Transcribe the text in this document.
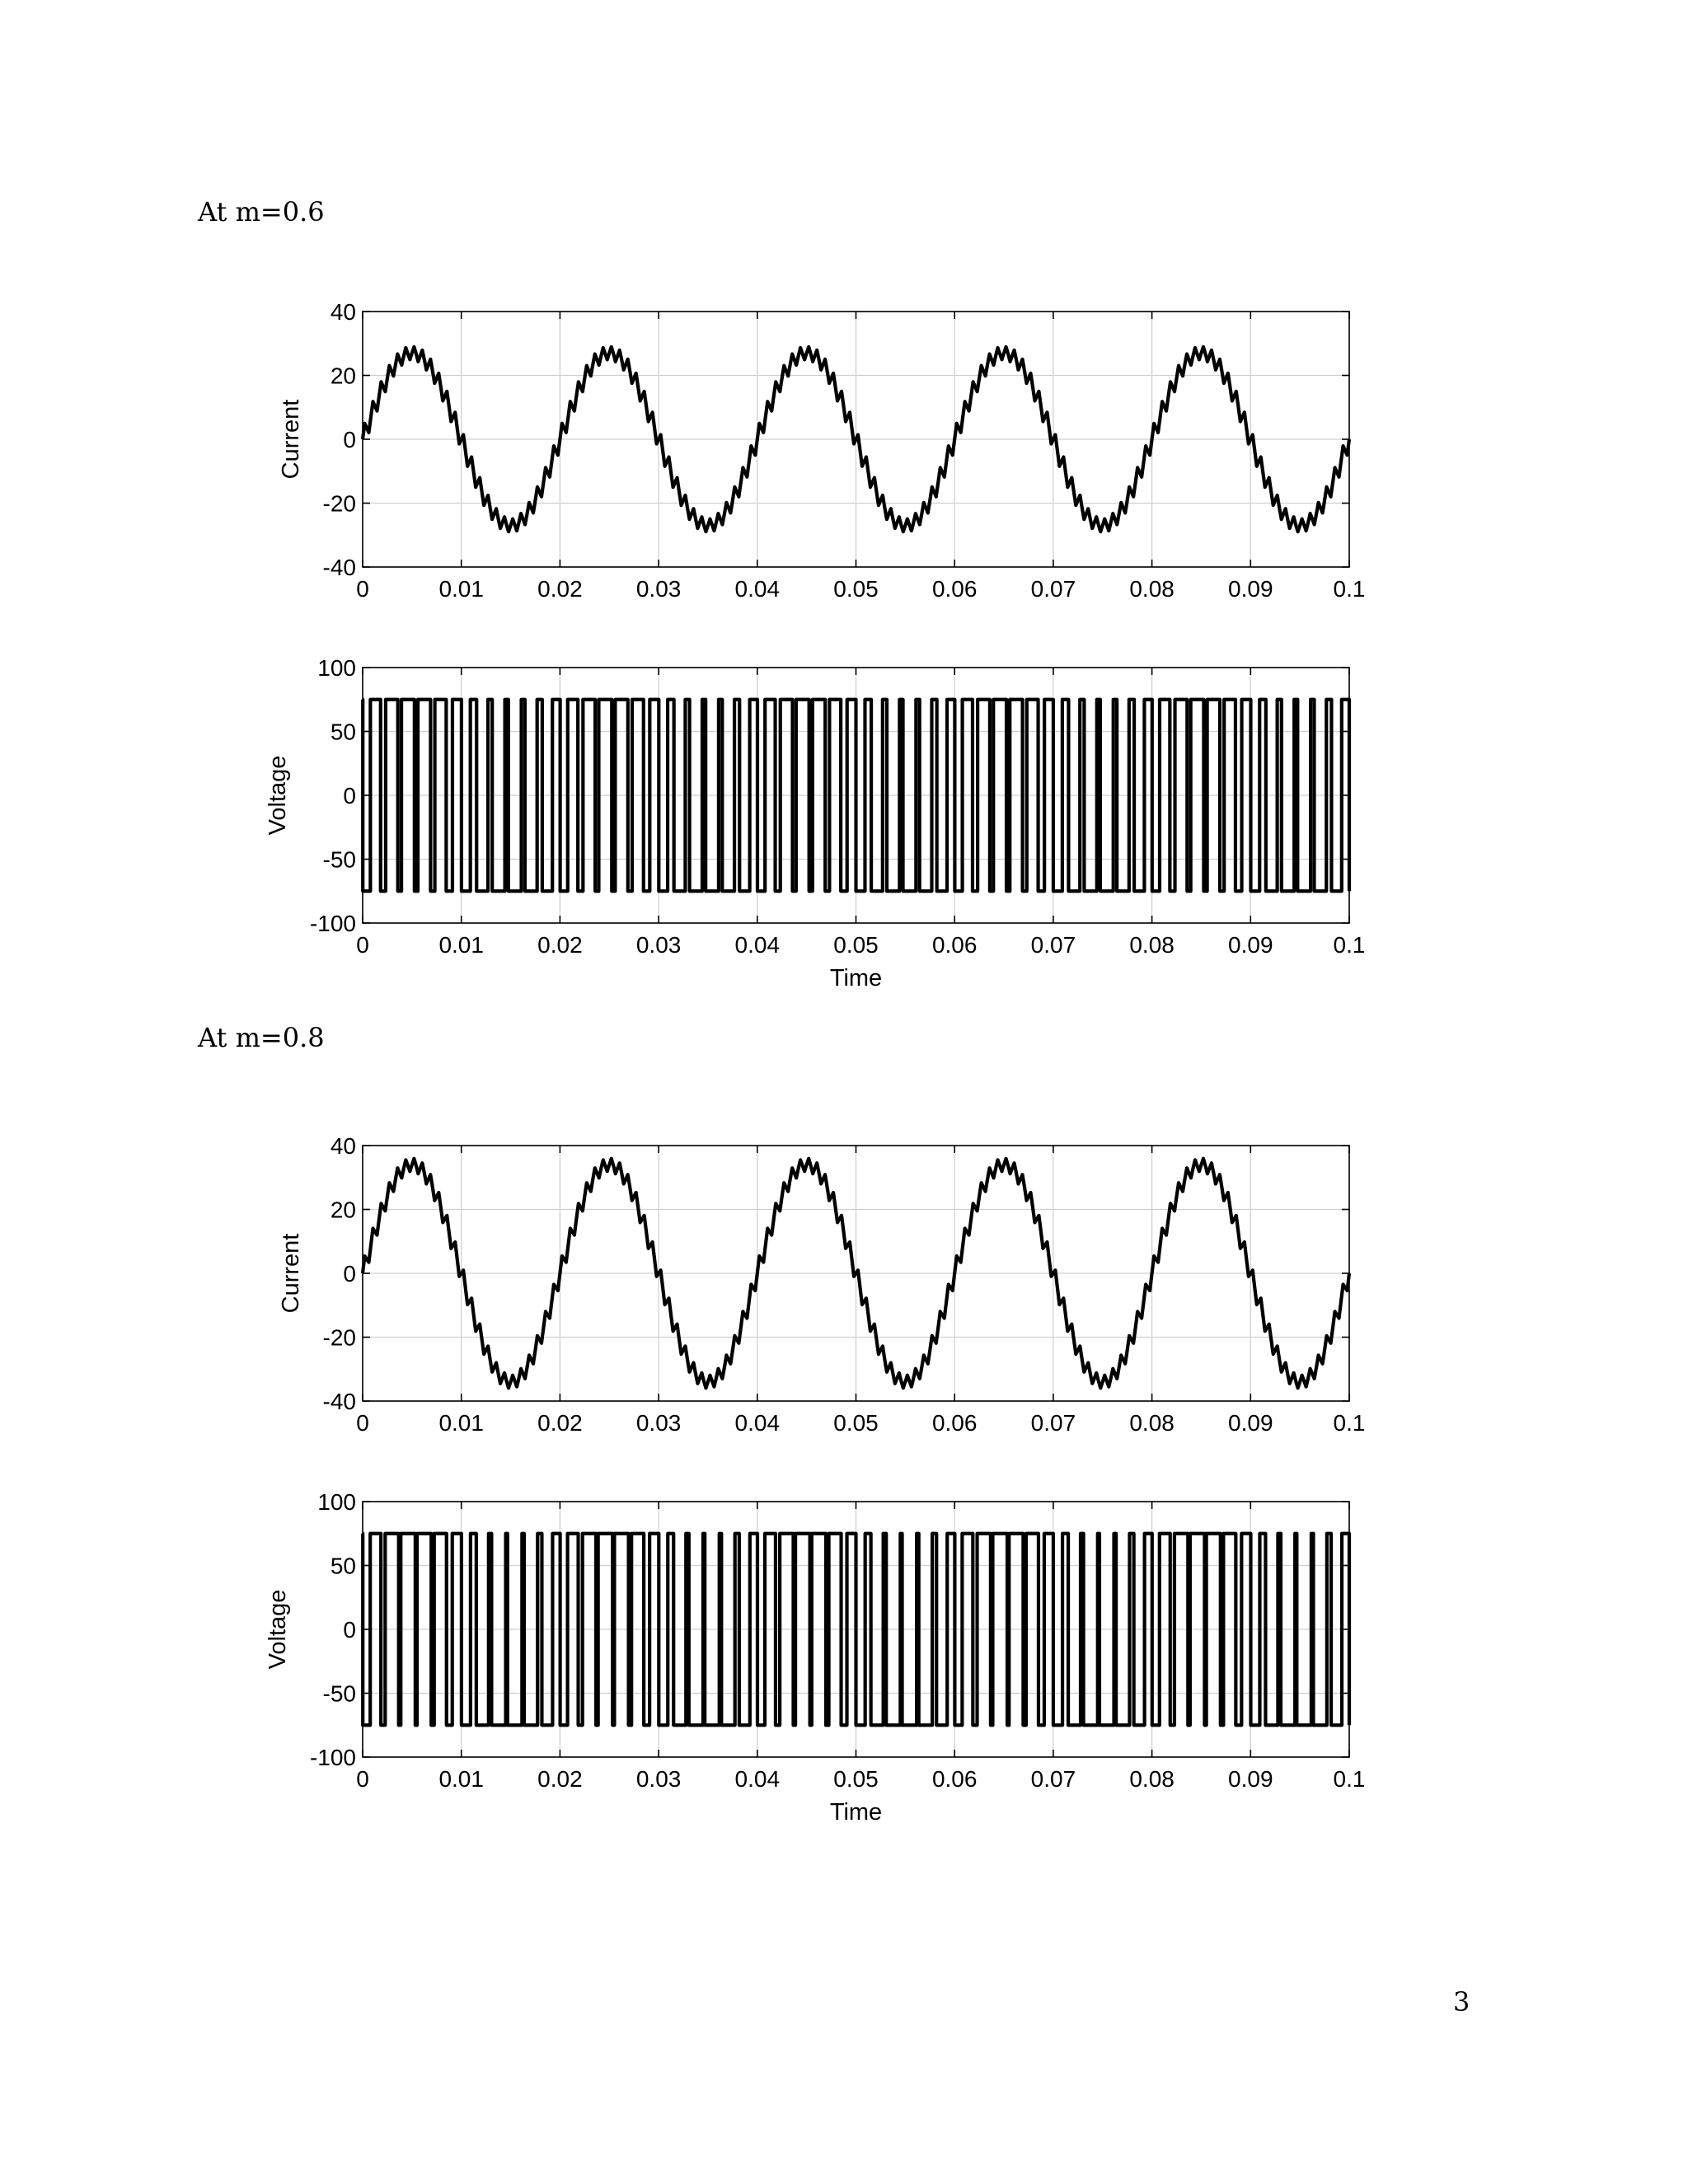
At m=0.6
At m=0.8
0	0.01 0.02 0.03 0.04 0.05 0.06 0.07 0.08 0.09	0.1
40
20
0
-20
-40
Current
0	0.01 0.02 0.03 0.04 0.05 0.06 0.07 0.08 0.09	0.1
100
50
0
-50
-100
Voltage
Time
0	0.01 0.02 0.03 0.04 0.05 0.06 0.07 0.08 0.09	0.1
40
20
0
-20
-40
Current
0	0.01 0.02 0.03 0.04 0.05 0.06 0.07 0.08 0.09	0.1
100
50
0
-50
-100
Voltage
Time
3
